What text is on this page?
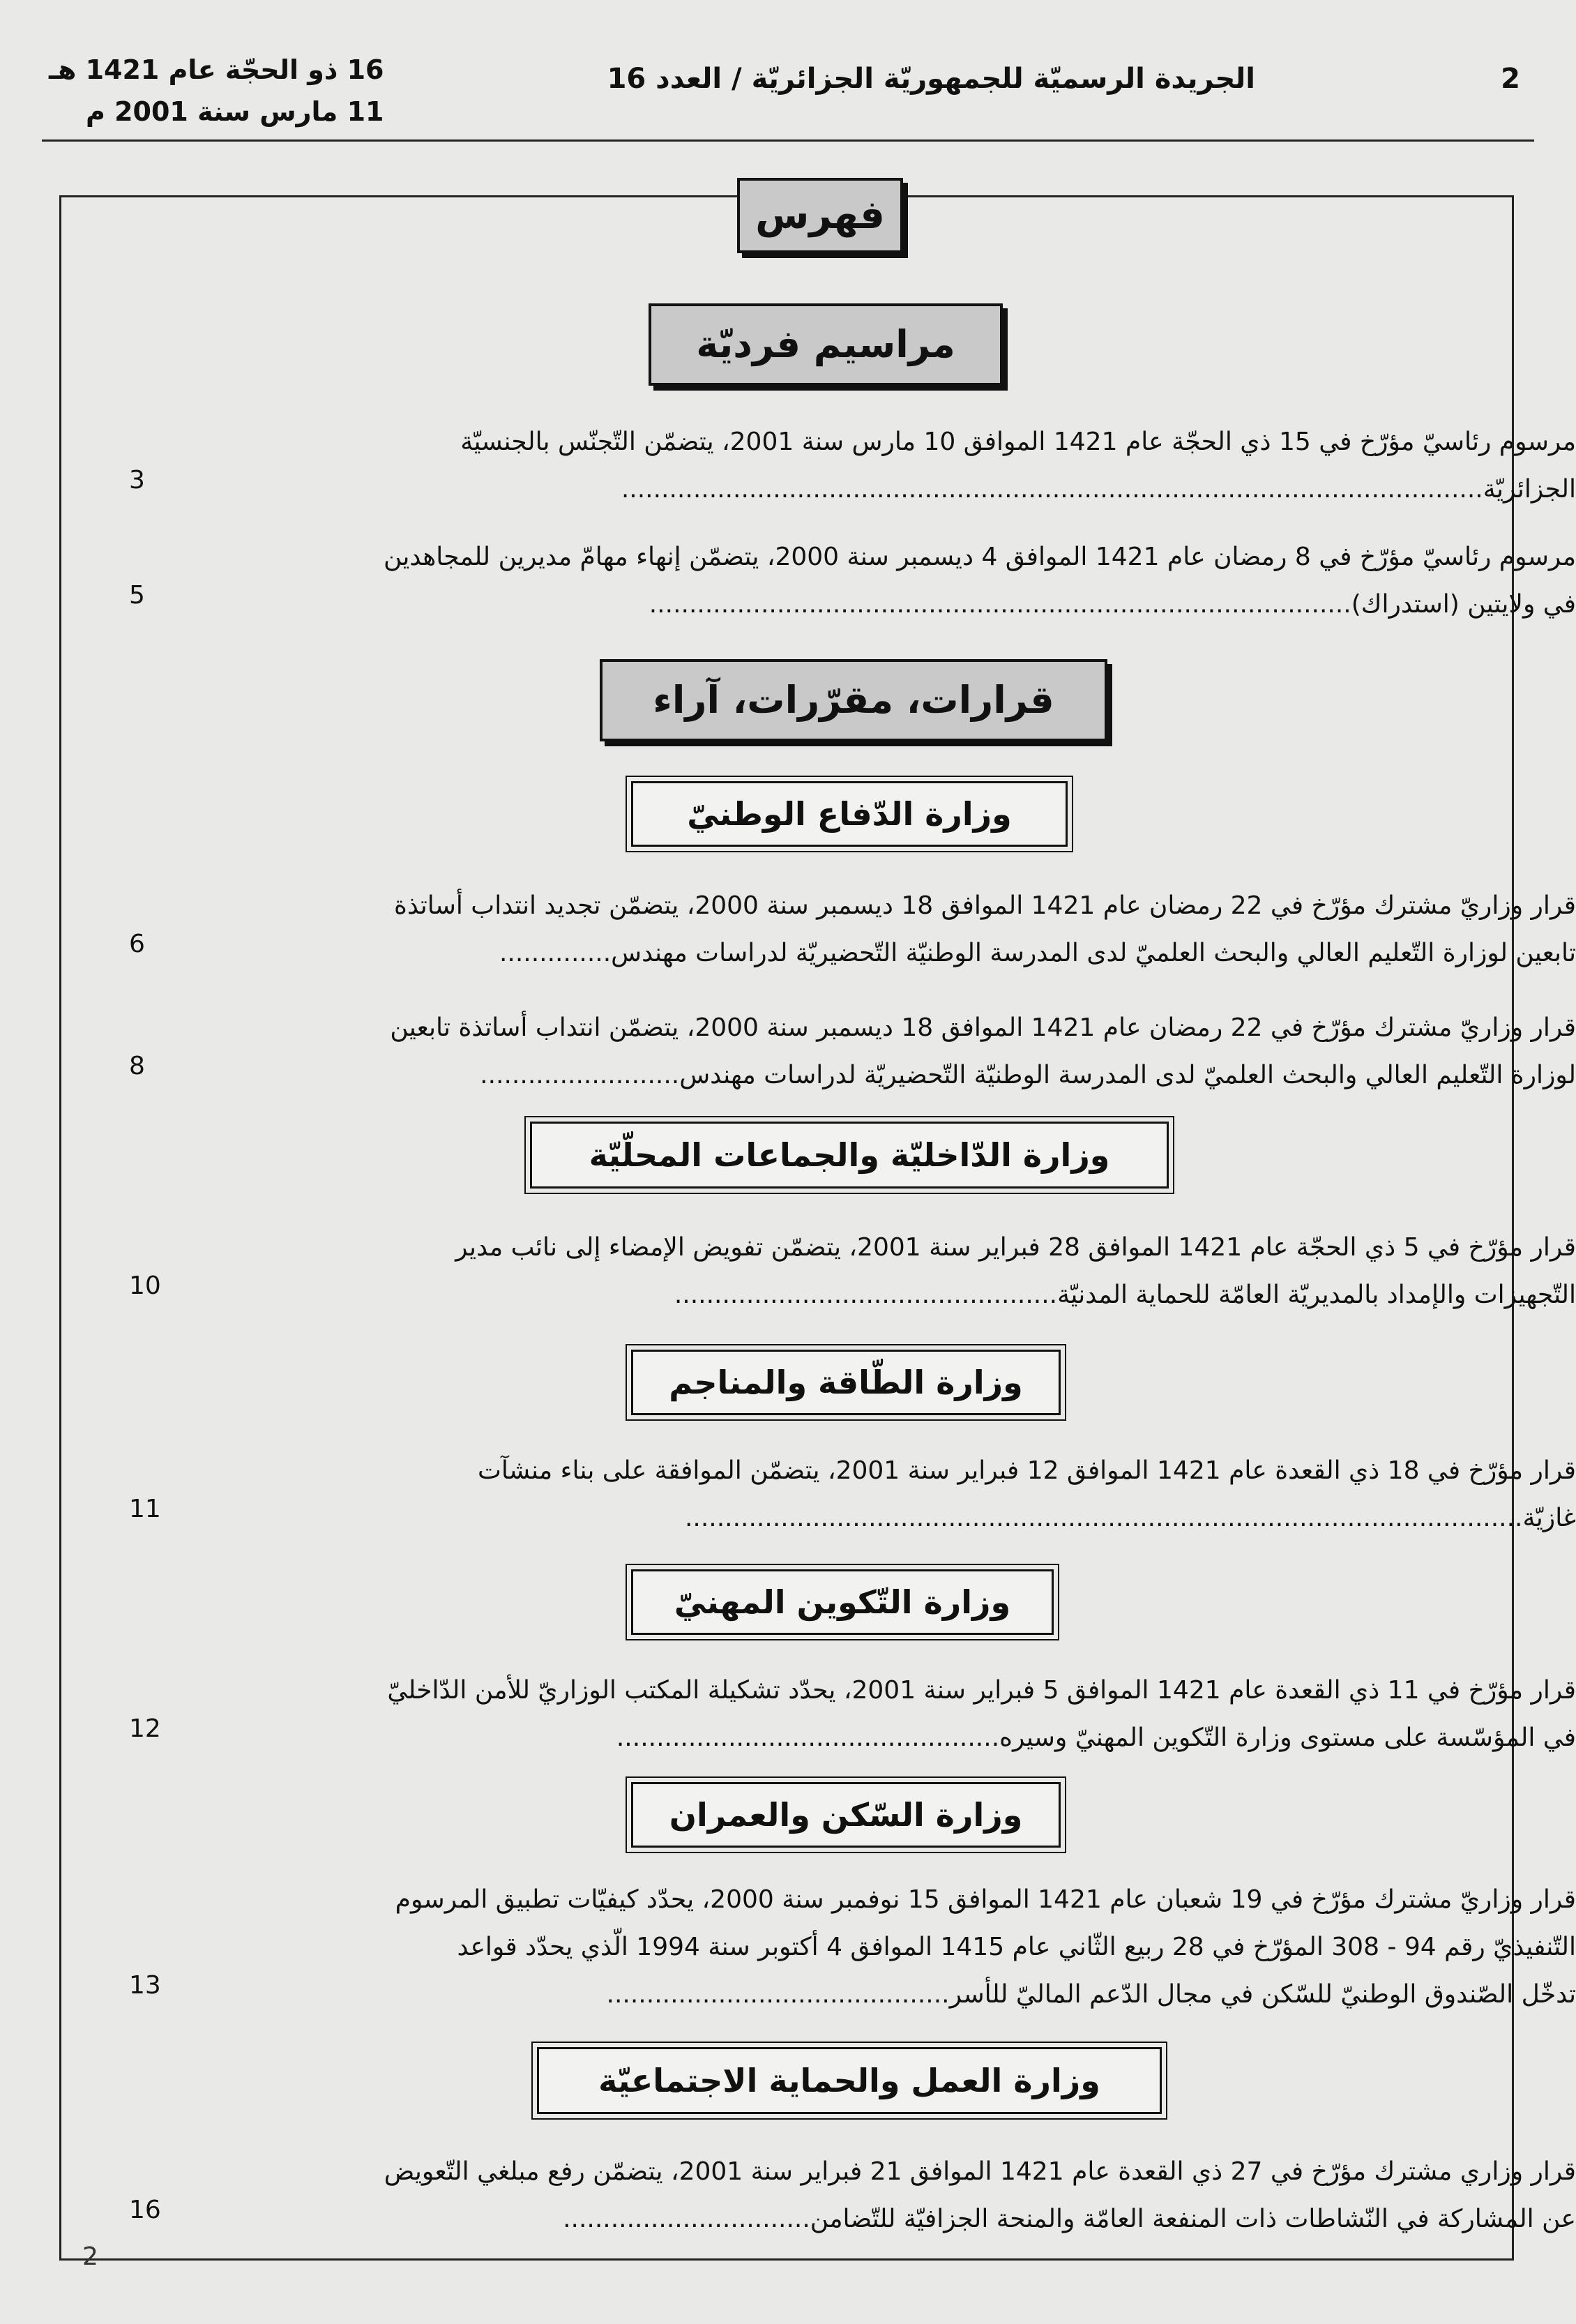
2
الجريدة الرسميّة للجمهوريّة الجزائريّة / العدد 16
16 ذو الحجّة عام 1421 هـ
11 مارس سنة 2001 م
فهرس
مراسيم فرديّة
مرسوم رئاسيّ مؤرّخ في 15 ذي الحجّة عام 1421 الموافق 10 مارس سنة 2001، يتضمّن التّجنّس بالجنسيّة
الجزائريّة............................................................................................................
3
مرسوم رئاسيّ مؤرّخ في 8 رمضان عام 1421 الموافق 4 ديسمبر سنة 2000، يتضمّن إنهاء مهامّ مديرين للمجاهدين
في ولايتين (استدراك)........................................................................................
5
قرارات، مقرّرات، آراء
وزارة الدّفاع الوطنيّ
قرار وزاريّ مشترك مؤرّخ في 22 رمضان عام 1421 الموافق 18 ديسمبر سنة 2000، يتضمّن تجديد انتداب أساتذة
تابعين لوزارة التّعليم العالي والبحث العلميّ لدى المدرسة الوطنيّة التّحضيريّة لدراسات مهندس..............
6
قرار وزاريّ مشترك مؤرّخ في 22 رمضان عام 1421 الموافق 18 ديسمبر سنة 2000، يتضمّن انتداب أساتذة تابعين
لوزارة التّعليم العالي والبحث العلميّ لدى المدرسة الوطنيّة التّحضيريّة لدراسات مهندس.........................
8
وزارة الدّاخليّة والجماعات المحلّيّة
قرار مؤرّخ في 5 ذي الحجّة عام 1421 الموافق 28 فبراير سنة 2001، يتضمّن تفويض الإمضاء إلى نائب مدير
التّجهيزات والإمداد بالمديريّة العامّة للحماية المدنيّة................................................
10
وزارة الطّاقة والمناجم
قرار مؤرّخ في 18 ذي القعدة عام 1421 الموافق 12 فبراير سنة 2001، يتضمّن الموافقة على بناء منشآت
غازيّة.........................................................................................................
11
وزارة التّكوين المهنيّ
قرار مؤرّخ في 11 ذي القعدة عام 1421 الموافق 5 فبراير سنة 2001، يحدّد تشكيلة المكتب الوزاريّ للأمن الدّاخليّ
في المؤسّسة على مستوى وزارة التّكوين المهنيّ وسيره................................................
12
وزارة السّكن والعمران
قرار وزاريّ مشترك مؤرّخ في 19 شعبان عام 1421 الموافق 15 نوفمبر سنة 2000، يحدّد كيفيّات تطبيق المرسوم
التّنفيذيّ رقم 94 - 308 المؤرّخ في 28 ربيع الثّاني عام 1415 الموافق 4 أكتوبر سنة 1994 الّذي يحدّد قواعد
تدخّل الصّندوق الوطنيّ للسّكن في مجال الدّعم الماليّ للأسر...........................................
13
وزارة العمل والحماية الاجتماعيّة
قرار وزاري مشترك مؤرّخ في 27 ذي القعدة عام 1421 الموافق 21 فبراير سنة 2001، يتضمّن رفع مبلغي التّعويض
عن المشاركة في النّشاطات ذات المنفعة العامّة والمنحة الجزافيّة للتّضامن...............................
16
2
